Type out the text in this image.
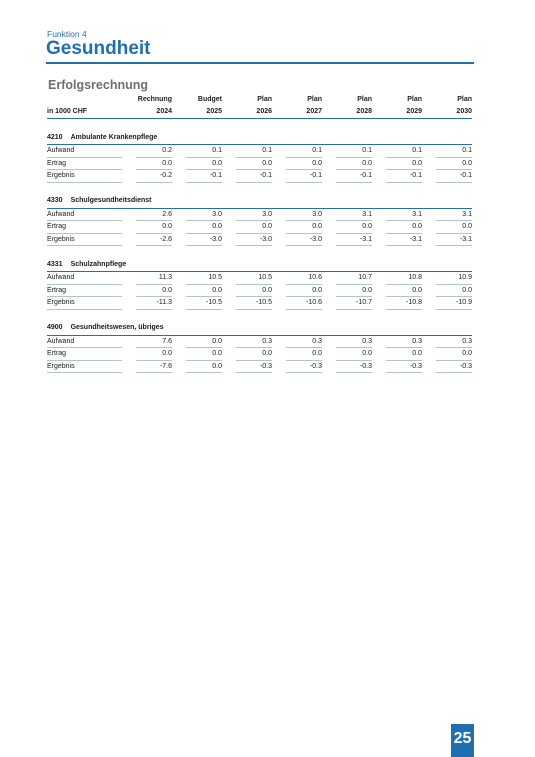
Funktion 4
Gesundheit
Erfolgsrechnung
	Rechnung	Budget	Plan	Plan	Plan	Plan	Plan
in 1000 CHF	2024	2025	2026	2027	2028	2029	2030

4210 Ambulante Krankenpflege							

Aufwand	0.2	0.1	0.1	0.1	0.1	0.1	0.1

Ertrag	0.0	0.0	0.0	0.0	0.0	0.0	0.0

Ergebnis	-0.2	-0.1	-0.1	-0.1	-0.1	-0.1	-0.1

4330 Schulgesundheitsdienst							

Aufwand	2.6	3.0	3.0	3.0	3.1	3.1	3.1

Ertrag	0.0	0.0	0.0	0.0	0.0	0.0	0.0

Ergebnis	-2.6	-3.0	-3.0	-3.0	-3.1	-3.1	-3.1

4331 Schulzahnpflege							

Aufwand	11.3	10.5	10.5	10.6	10.7	10.8	10.9

Ertrag	0.0	0.0	0.0	0.0	0.0	0.0	0.0

Ergebnis	-11.3	-10.5	-10.5	-10.6	-10.7	-10.8	-10.9

4900 Gesundheitswesen, übriges							

Aufwand	7.6	0.0	0.3	0.3	0.3	0.3	0.3

Ertrag	0.0	0.0	0.0	0.0	0.0	0.0	0.0

Ergebnis	-7.6	0.0	-0.3	-0.3	-0.3	-0.3	-0.3
25
